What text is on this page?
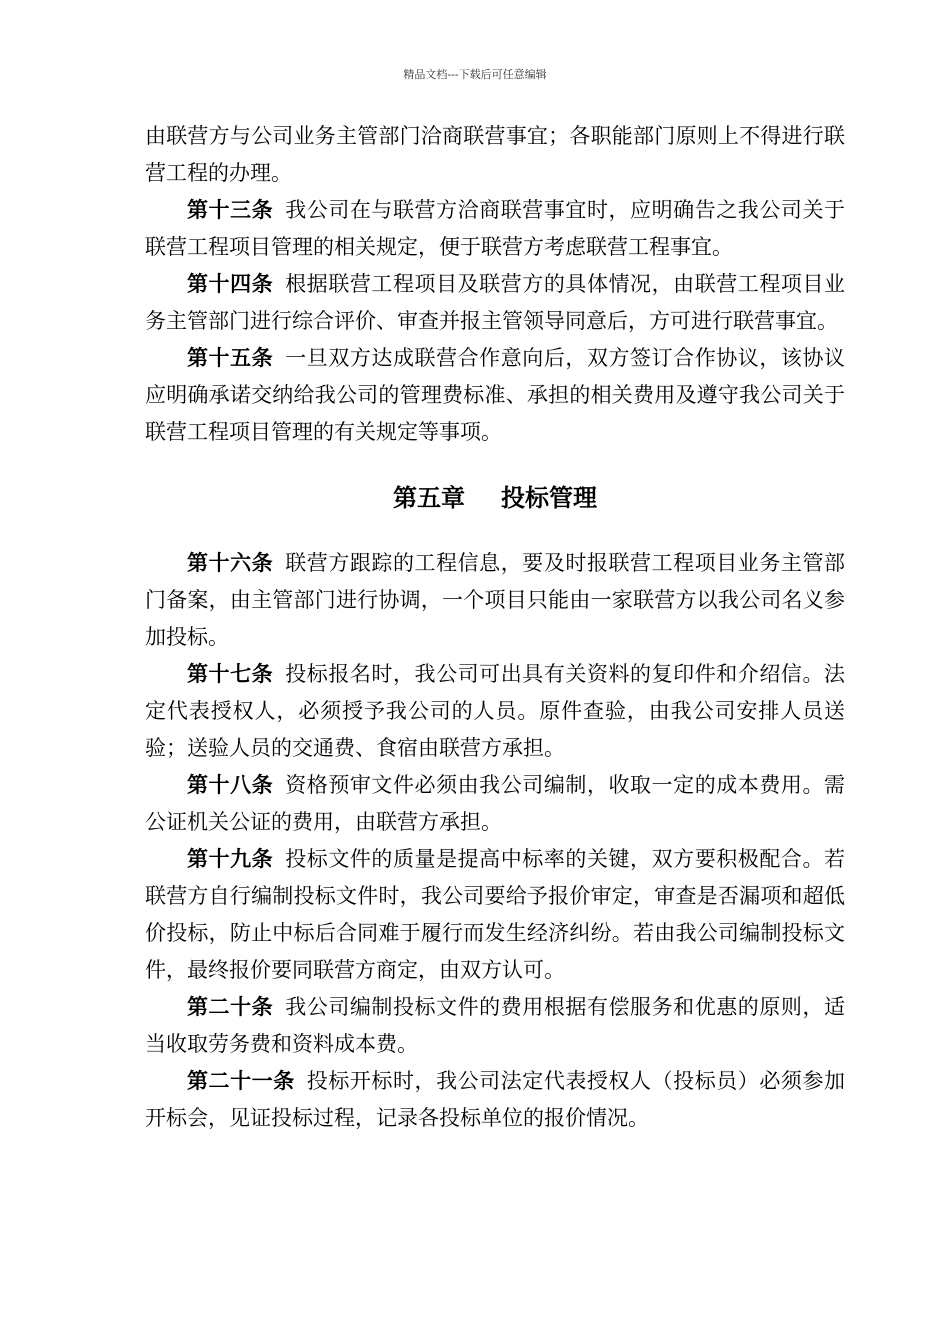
精品文档---下载后可任意编辑

由联营方与公司业务主管部门洽商联营事宜；各职能部门原则上不得进行联营工程的办理。

第十三条 我公司在与联营方洽商联营事宜时，应明确告之我公司关于联营工程项目管理的相关规定，便于联营方考虑联营工程事宜。

第十四条 根据联营工程项目及联营方的具体情况，由联营工程项目业务主管部门进行综合评价、审查并报主管领导同意后，方可进行联营事宜。

第十五条 一旦双方达成联营合作意向后，双方签订合作协议，该协议应明确承诺交纳给我公司的管理费标准、承担的相关费用及遵守我公司关于联营工程项目管理的有关规定等事项。

第五章 投标管理

第十六条 联营方跟踪的工程信息，要及时报联营工程项目业务主管部门备案，由主管部门进行协调，一个项目只能由一家联营方以我公司名义参加投标。

第十七条 投标报名时，我公司可出具有关资料的复印件和介绍信。法定代表授权人，必须授予我公司的人员。原件查验，由我公司安排人员送验；送验人员的交通费、食宿由联营方承担。

第十八条 资格预审文件必须由我公司编制，收取一定的成本费用。需公证机关公证的费用，由联营方承担。

第十九条 投标文件的质量是提高中标率的关键，双方要积极配合。若联营方自行编制投标文件时，我公司要给予报价审定，审查是否漏项和超低价投标，防止中标后合同难于履行而发生经济纠纷。若由我公司编制投标文件，最终报价要同联营方商定，由双方认可。

第二十条 我公司编制投标文件的费用根据有偿服务和优惠的原则，适当收取劳务费和资料成本费。

第二十一条 投标开标时，我公司法定代表授权人（投标员）必须参加开标会，见证投标过程，记录各投标单位的报价情况。
